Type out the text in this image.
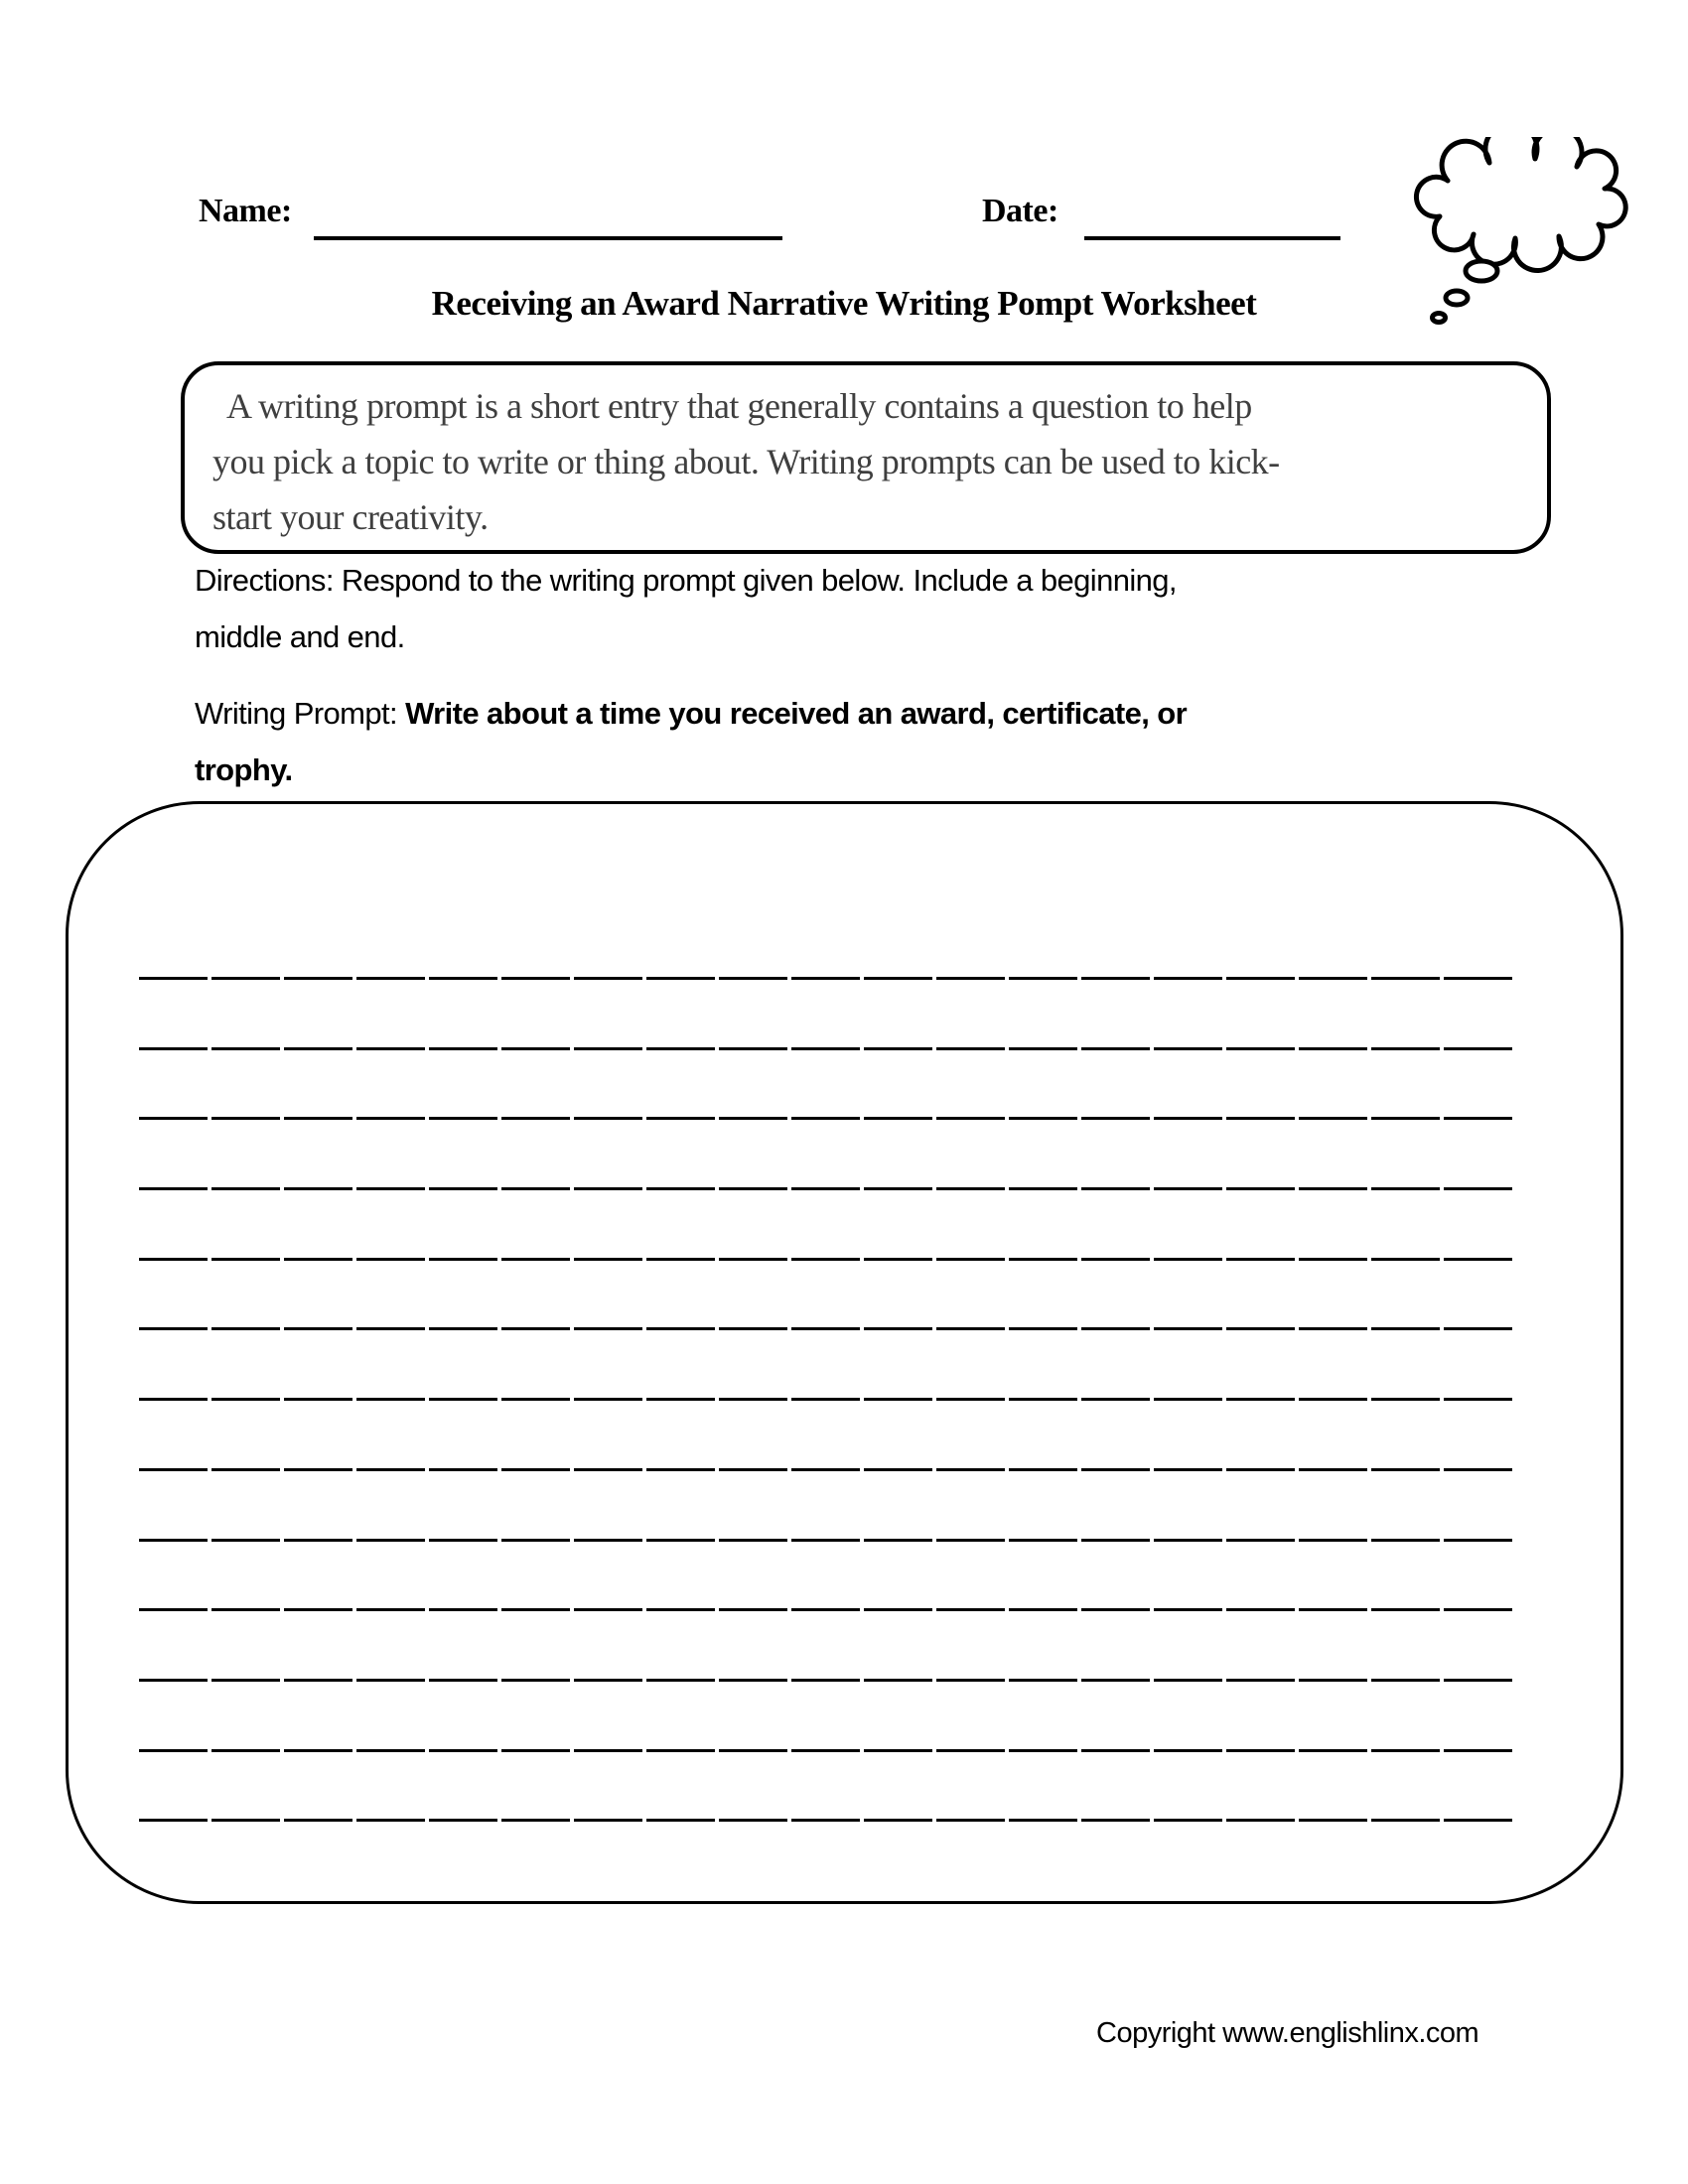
Name:	Date:
Receiving an Award Narrative Writing Pompt Worksheet
A writing prompt is a short entry that generally contains a question to help
you pick a topic to write or thing about. Writing prompts can be used to kick-
start your creativity.
Directions: Respond to the writing prompt given below. Include a beginning,
middle and end.
Writing Prompt: Write about a time you received an award, certificate, or
trophy.
Copyright www.englishlinx.com
